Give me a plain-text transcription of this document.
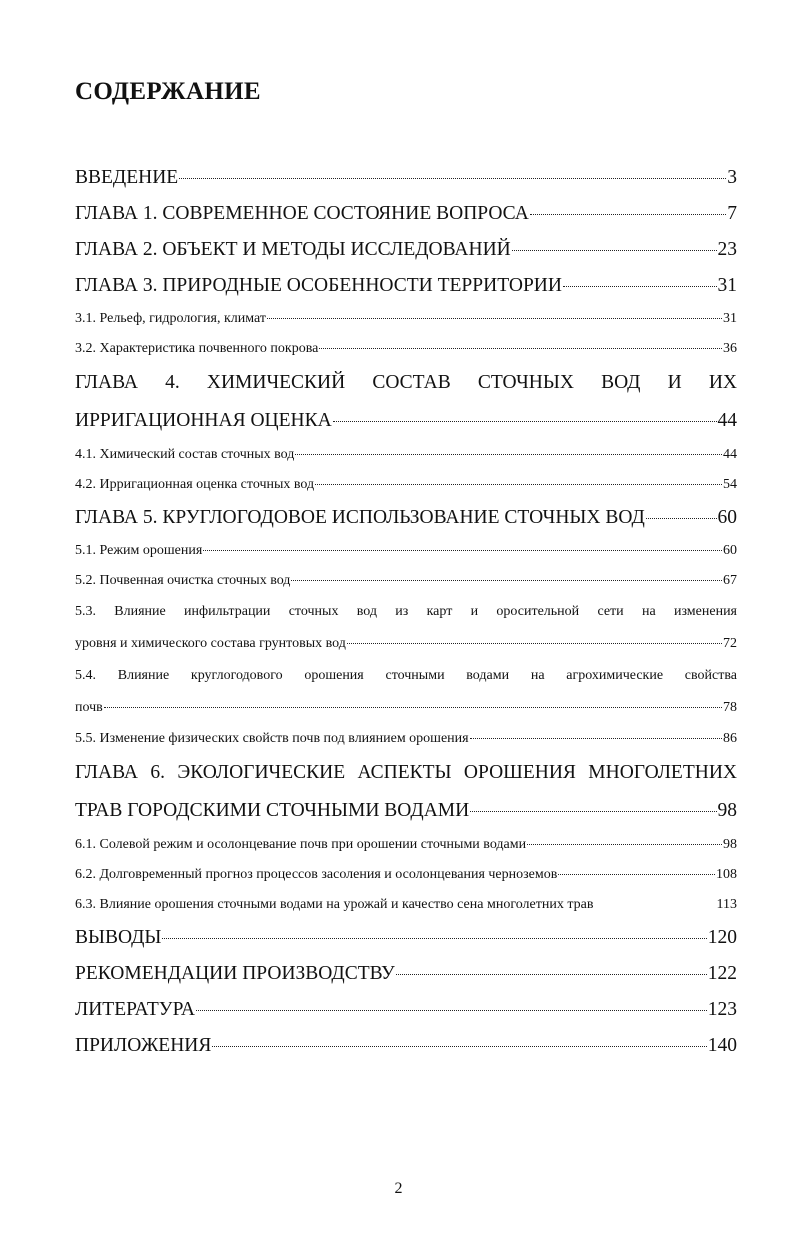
СОДЕРЖАНИЕ
ВВЕДЕНИЕ	3
ГЛАВА 1. СОВРЕМЕННОЕ СОСТОЯНИЕ ВОПРОСА	7
ГЛАВА 2. ОБЪЕКТ И МЕТОДЫ ИССЛЕДОВАНИЙ	23
ГЛАВА 3. ПРИРОДНЫЕ ОСОБЕННОСТИ ТЕРРИТОРИИ	31
3.1. Рельеф, гидрология, климат	31
3.2. Характеристика почвенного покрова	36
ГЛАВА 4. ХИМИЧЕСКИЙ СОСТАВ СТОЧНЫХ ВОД И ИХ
ИРРИГАЦИОННАЯ ОЦЕНКА	44
4.1. Химический состав сточных вод	44
4.2. Ирригационная оценка сточных вод	54
ГЛАВА 5. КРУГЛОГОДОВОЕ ИСПОЛЬЗОВАНИЕ СТОЧНЫХ ВОД	60
5.1. Режим орошения	60
5.2. Почвенная очистка сточных вод	67
5.3. Влияние инфильтрации сточных вод из карт и оросительной сети на изменения
уровня и химического состава грунтовых вод	72
5.4. Влияние круглогодового орошения сточными водами на агрохимические свойства
почв	78
5.5. Изменение физических свойств почв под влиянием орошения	86
ГЛАВА 6. ЭКОЛОГИЧЕСКИЕ АСПЕКТЫ ОРОШЕНИЯ МНОГОЛЕТНИХ
ТРАВ ГОРОДСКИМИ СТОЧНЫМИ ВОДАМИ	98
6.1. Солевой режим и осолонцевание почв при орошении сточными водами	98
6.2. Долговременный прогноз процессов засоления и осолонцевания черноземов	108
6.3. Влияние орошения сточными водами на урожай и качество сена многолетних трав	113
ВЫВОДЫ	120
РЕКОМЕНДАЦИИ ПРОИЗВОДСТВУ	122
ЛИТЕРАТУРА	123
ПРИЛОЖЕНИЯ	140
2
